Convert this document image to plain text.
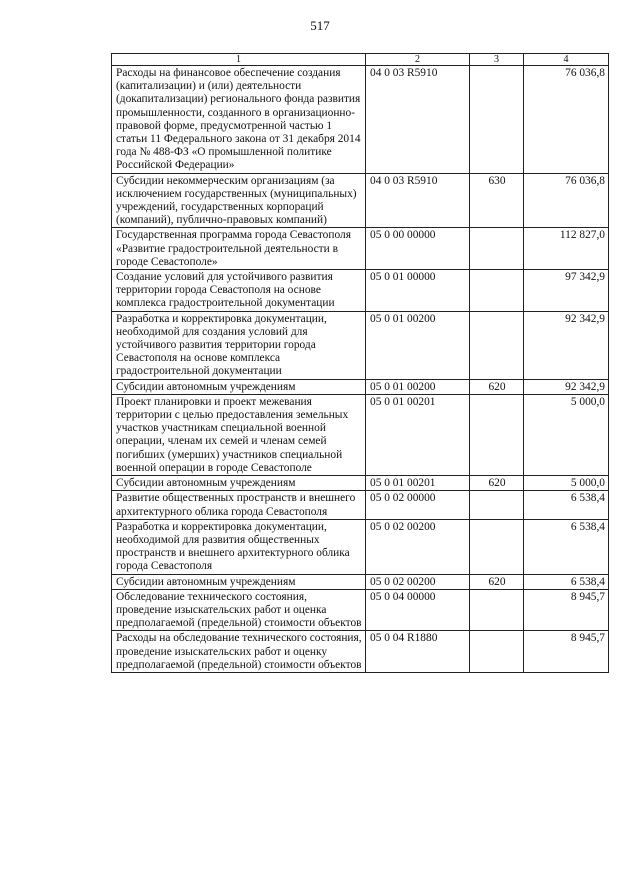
517
1	2	3	4
Расходы на финансовое обеспечение создания (капитализации) и (или) деятельности (докапитализации) регионального фонда развития промышленности, созданного в организационно-правовой форме, предусмотренной частью 1 статьи 11 Федерального закона от 31 декабря 2014 года № 488-ФЗ «О промышленной политике Российской Федерации»	04 0 03 R5910		76 036,8
Субсидии некоммерческим организациям (за исключением государственных (муниципальных) учреждений, государственных корпораций (компаний), публично-правовых компаний)	04 0 03 R5910	630	76 036,8
Государственная программа города Севастополя «Развитие градостроительной деятельности в городе Севастополе»	05 0 00 00000		112 827,0
Создание условий для устойчивого развития территории города Севастополя на основе комплекса градостроительной документации	05 0 01 00000		97 342,9
Разработка и корректировка документации, необходимой для создания условий для устойчивого развития территории города Севастополя на основе комплекса градостроительной документации	05 0 01 00200		92 342,9
Субсидии автономным учреждениям	05 0 01 00200	620	92 342,9
Проект планировки и проект межевания территории с целью предоставления земельных участков участникам специальной военной операции, членам их семей и членам семей погибших (умерших) участников специальной военной операции в городе Севастополе	05 0 01 00201		5 000,0
Субсидии автономным учреждениям	05 0 01 00201	620	5 000,0
Развитие общественных пространств и внешнего архитектурного облика города Севастополя	05 0 02 00000		6 538,4
Разработка и корректировка документации, необходимой для развития общественных пространств и внешнего архитектурного облика города Севастополя	05 0 02 00200		6 538,4
Субсидии автономным учреждениям	05 0 02 00200	620	6 538,4
Обследование технического состояния, проведение изыскательских работ и оценка предполагаемой (предельной) стоимости объектов	05 0 04 00000		8 945,7
Расходы на обследование технического состояния, проведение изыскательских работ и оценку предполагаемой (предельной) стоимости объектов	05 0 04 R1880		8 945,7
